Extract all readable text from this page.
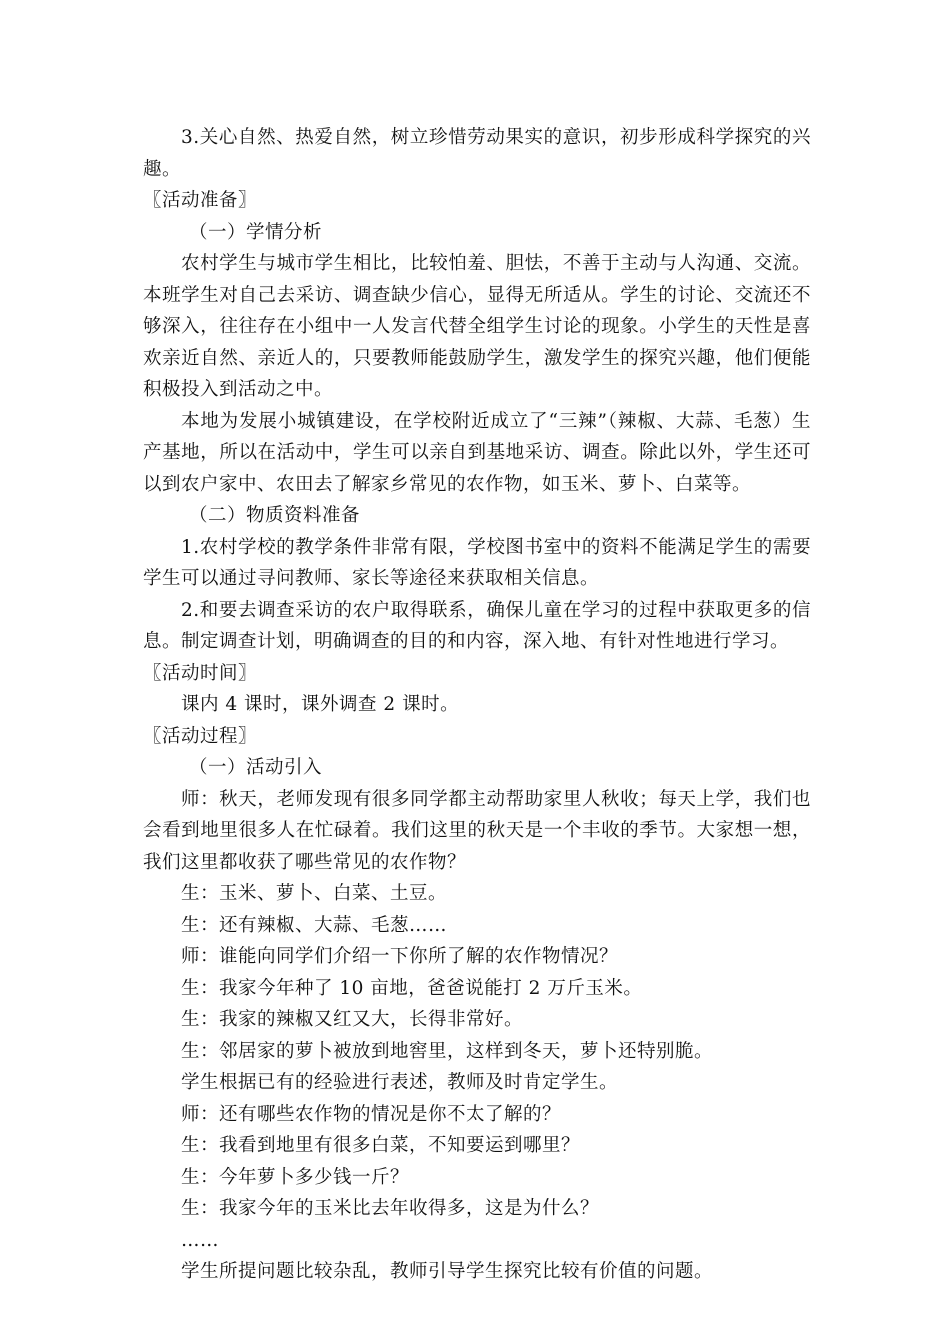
3.关心自然、热爱自然，树立珍惜劳动果实的意识，初步形成科学探究的兴趣。

〖活动准备〗

（一）学情分析

农村学生与城市学生相比，比较怕羞、胆怯，不善于主动与人沟通、交流。本班学生对自己去采访、调查缺少信心，显得无所适从。学生的讨论、交流还不够深入，往往存在小组中一人发言代替全组学生讨论的现象。小学生的天性是喜欢亲近自然、亲近人的，只要教师能鼓励学生，激发学生的探究兴趣，他们便能积极投入到活动之中。

本地为发展小城镇建设，在学校附近成立了“三辣”（辣椒、大蒜、毛葱）生产基地，所以在活动中，学生可以亲自到基地采访、调查。除此以外，学生还可以到农户家中、农田去了解家乡常见的农作物，如玉米、萝卜、白菜等。

（二）物质资料准备

1.农村学校的教学条件非常有限，学校图书室中的资料不能满足学生的需要学生可以通过寻问教师、家长等途径来获取相关信息。

2.和要去调查采访的农户取得联系，确保儿童在学习的过程中获取更多的信息。制定调查计划，明确调查的目的和内容，深入地、有针对性地进行学习。

〖活动时间〗

课内 4 课时，课外调查 2 课时。

〖活动过程〗

（一）活动引入

师：秋天，老师发现有很多同学都主动帮助家里人秋收；每天上学，我们也会看到地里很多人在忙碌着。我们这里的秋天是一个丰收的季节。大家想一想，我们这里都收获了哪些常见的农作物？

生：玉米、萝卜、白菜、土豆。

生：还有辣椒、大蒜、毛葱……

师：谁能向同学们介绍一下你所了解的农作物情况？

生：我家今年种了 10 亩地，爸爸说能打 2 万斤玉米。

生：我家的辣椒又红又大，长得非常好。

生：邻居家的萝卜被放到地窖里，这样到冬天，萝卜还特别脆。

学生根据已有的经验进行表述，教师及时肯定学生。

师：还有哪些农作物的情况是你不太了解的？

生：我看到地里有很多白菜，不知要运到哪里？

生：今年萝卜多少钱一斤？

生：我家今年的玉米比去年收得多，这是为什么？

……

学生所提问题比较杂乱，教师引导学生探究比较有价值的问题。
